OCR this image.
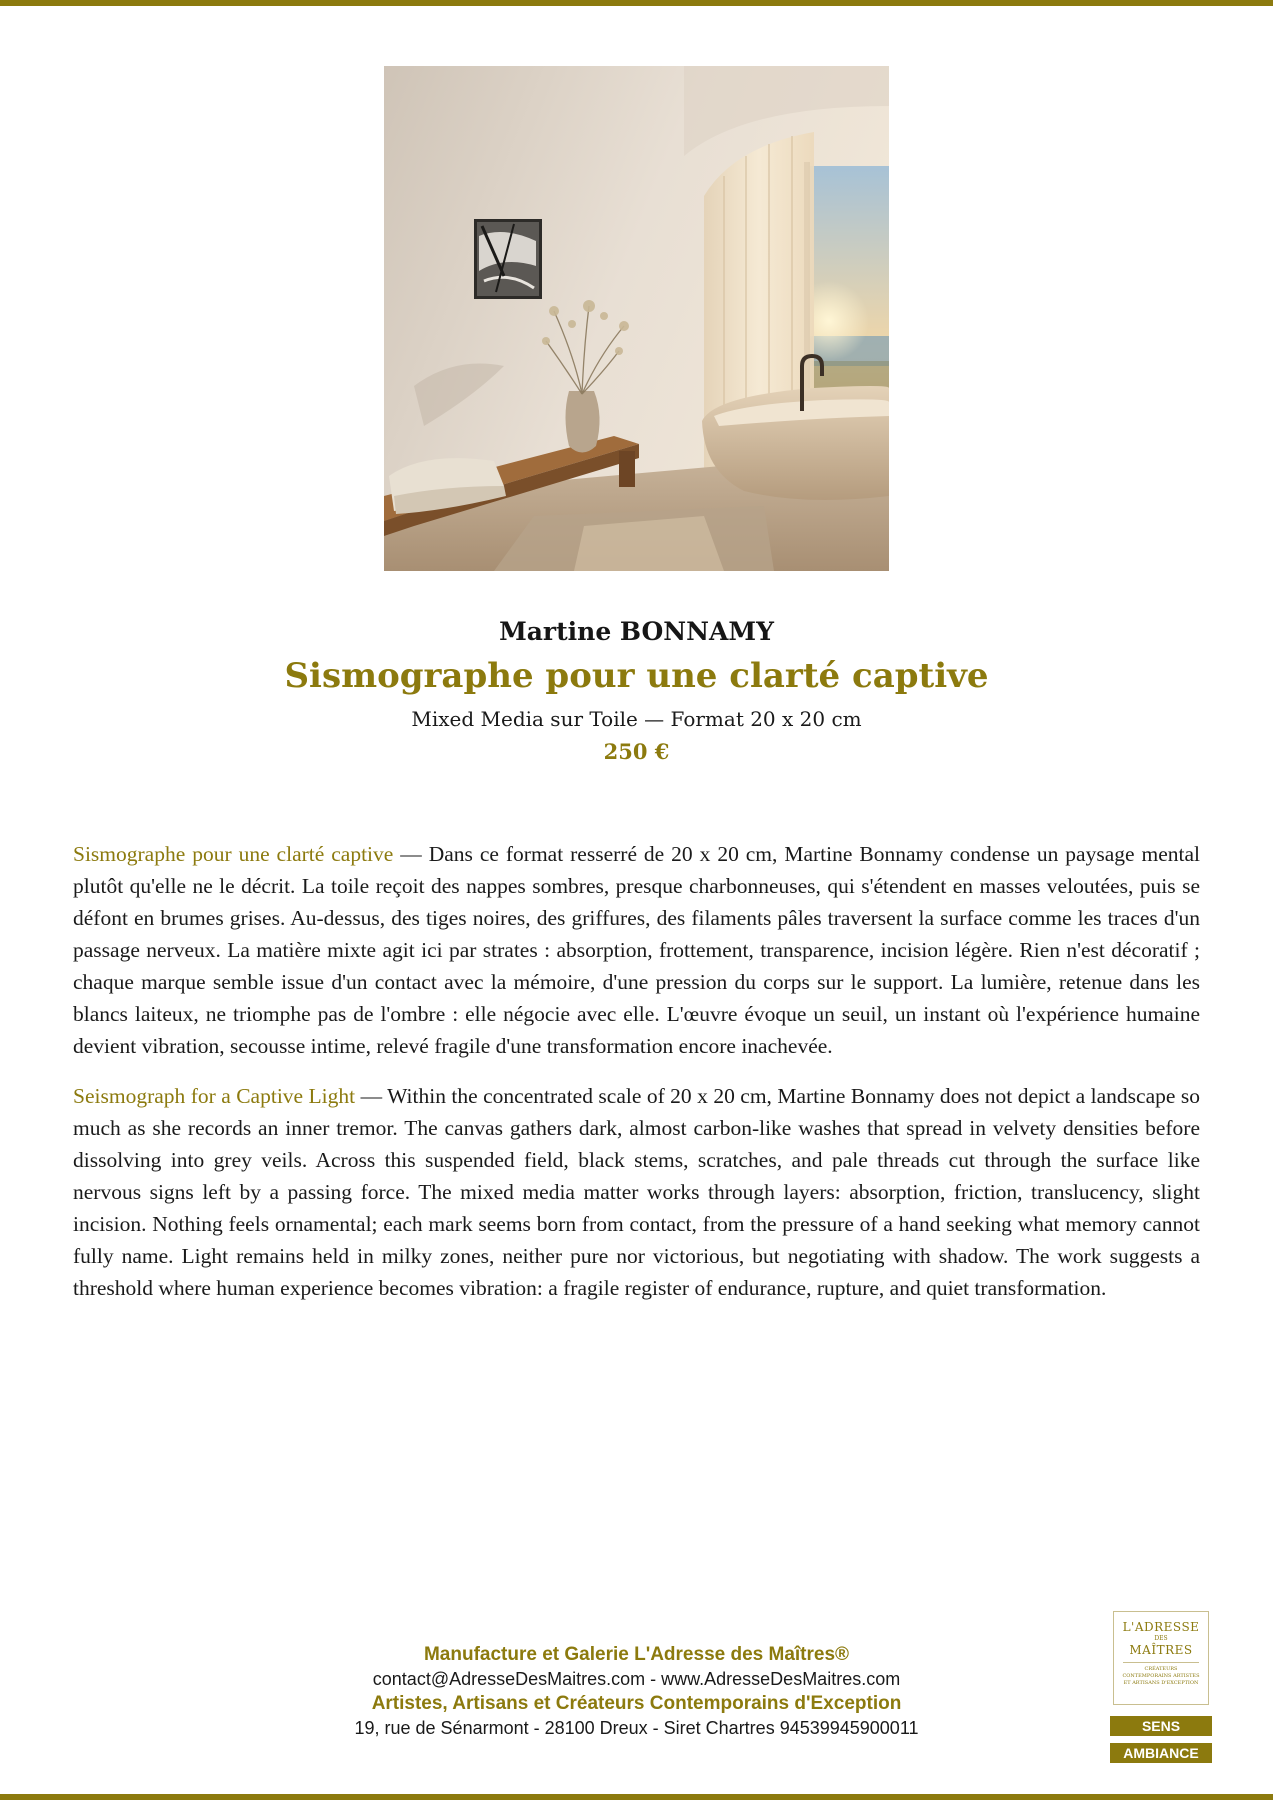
Martine BONNAMY
Sismographe pour une clarté captive
Mixed Media sur Toile — Format 20 x 20 cm
250 €

Sismographe pour une clarté captive — Dans ce format resserré de 20 x 20 cm, Martine Bonnamy condense un paysage mental plutôt qu'elle ne le décrit. La toile reçoit des nappes sombres, presque charbonneuses, qui s'étendent en masses veloutées, puis se défont en brumes grises. Au-dessus, des tiges noires, des griffures, des filaments pâles traversent la surface comme les traces d'un passage nerveux. La matière mixte agit ici par strates : absorption, frottement, transparence, incision légère. Rien n'est décoratif ; chaque marque semble issue d'un contact avec la mémoire, d'une pression du corps sur le support. La lumière, retenue dans les blancs laiteux, ne triomphe pas de l'ombre : elle négocie avec elle. L'œuvre évoque un seuil, un instant où l'expérience humaine devient vibration, secousse intime, relevé fragile d'une transformation encore inachevée.

Seismograph for a Captive Light — Within the concentrated scale of 20 x 20 cm, Martine Bonnamy does not depict a landscape so much as she records an inner tremor. The canvas gathers dark, almost carbon-like washes that spread in velvety densities before dissolving into grey veils. Across this suspended field, black stems, scratches, and pale threads cut through the surface like nervous signs left by a passing force. The mixed media matter works through layers: absorption, friction, translucency, slight incision. Nothing feels ornamental; each mark seems born from contact, from the pressure of a hand seeking what memory cannot fully name. Light remains held in milky zones, neither pure nor victorious, but negotiating with shadow. The work suggests a threshold where human experience becomes vibration: a fragile register of endurance, rupture, and quiet transformation.

Manufacture et Galerie L'Adresse des Maîtres®
contact@AdresseDesMaitres.com - www.AdresseDesMaitres.com
Artistes, Artisans et Créateurs Contemporains d'Exception
19, rue de Sénarmont - 28100 Dreux - Siret Chartres 94539945900011
L'ADRESSE
DES
MAÎTRES
CRÉATEURS CONTEMPORAINS ARTISTES ET ARTISANS D'EXCEPTION
SENS
AMBIANCE
